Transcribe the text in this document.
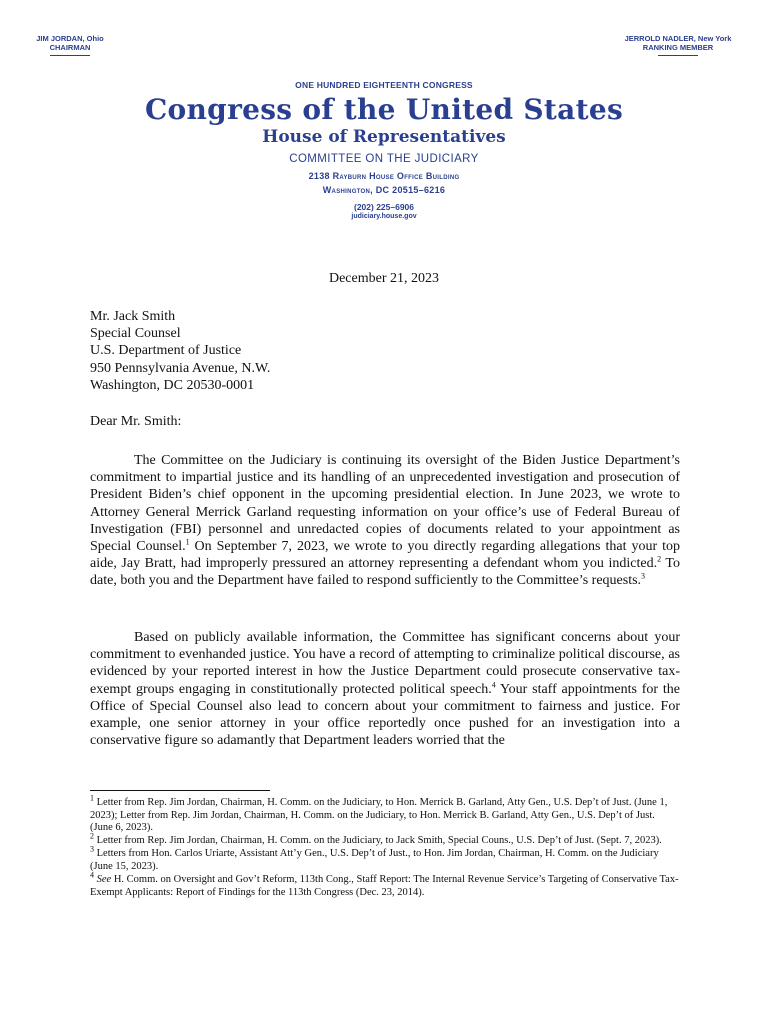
JIM JORDAN, Ohio
CHAIRMAN
JERROLD NADLER, New York
RANKING MEMBER
ONE HUNDRED EIGHTEENTH CONGRESS
Congress of the United States
House of Representatives
COMMITTEE ON THE JUDICIARY
2138 Rayburn House Office Building
Washington, DC 20515–6216
(202) 225–6906
judiciary.house.gov
December 21, 2023
Mr. Jack Smith
Special Counsel
U.S. Department of Justice
950 Pennsylvania Avenue, N.W.
Washington, DC 20530-0001
Dear Mr. Smith:

The Committee on the Judiciary is continuing its oversight of the Biden Justice Department’s commitment to impartial justice and its handling of an unprecedented investigation and prosecution of President Biden’s chief opponent in the upcoming presidential election. In June 2023, we wrote to Attorney General Merrick Garland requesting information on your office’s use of Federal Bureau of Investigation (FBI) personnel and unredacted copies of documents related to your appointment as Special Counsel.$^1$ On September 7, 2023, we wrote to you directly regarding allegations that your top aide, Jay Bratt, had improperly pressured an attorney representing a defendant whom you indicted.$^2$ To date, both you and the Department have failed to respond sufficiently to the Committee’s requests.$^3$

Based on publicly available information, the Committee has significant concerns about your commitment to evenhanded justice. You have a record of attempting to criminalize political discourse, as evidenced by your reported interest in how the Justice Department could prosecute conservative tax-exempt groups engaging in constitutionally protected political speech.$^4$ Your staff appointments for the Office of Special Counsel also lead to concern about your commitment to fairness and justice. For example, one senior attorney in your office reportedly once pushed for an investigation into a conservative figure so adamantly that Department leaders worried that the

$^1$ Letter from Rep. Jim Jordan, Chairman, H. Comm. on the Judiciary, to Hon. Merrick B. Garland, Atty Gen., U.S. Dep’t of Just. (June 1, 2023); Letter from Rep. Jim Jordan, Chairman, H. Comm. on the Judiciary, to Hon. Merrick B. Garland, Atty Gen., U.S. Dep’t of Just. (June 6, 2023).

$^2$ Letter from Rep. Jim Jordan, Chairman, H. Comm. on the Judiciary, to Jack Smith, Special Couns., U.S. Dep’t of Just. (Sept. 7, 2023).

$^3$ Letters from Hon. Carlos Uriarte, Assistant Att’y Gen., U.S. Dep’t of Just., to Hon. Jim Jordan, Chairman, H. Comm. on the Judiciary (June 15, 2023).

$^4$ See H. Comm. on Oversight and Gov’t Reform, 113th Cong., Staff Report: The Internal Revenue Service’s Targeting of Conservative Tax-Exempt Applicants: Report of Findings for the 113th Congress (Dec. 23, 2014).
